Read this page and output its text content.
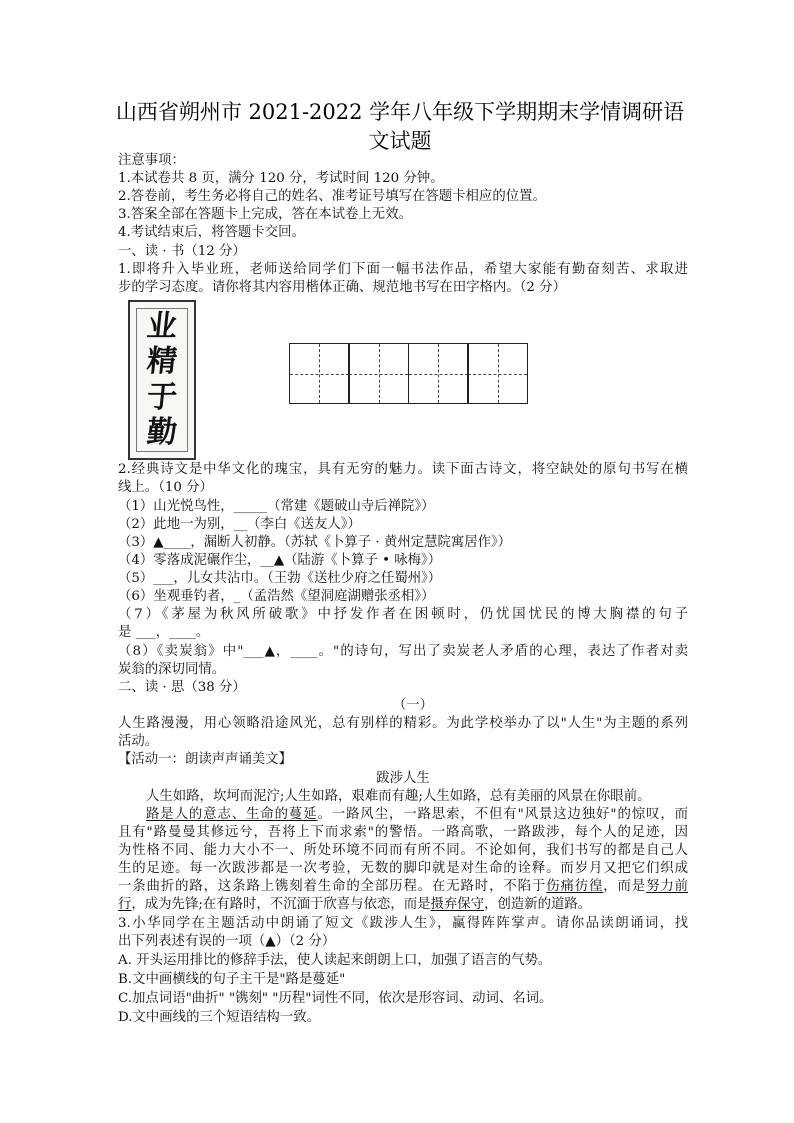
山西省朔州市 2021-2022 学年八年级下学期期末学情调研语
文试题
注意事项：
1.本试卷共 8 页，满分 120 分，考试时间 120 分钟。
2.答卷前，考生务必将自己的姓名、准考证号填写在答题卡相应的位置。
3.答案全部在答题卡上完成，答在本试卷上无效。
4.考试结束后，将答题卡交回。
一、读 · 书（12 分）
1.即将升入毕业班，老师送给同学们下面一幅书法作品，希望大家能有勤奋刻苦、求取进
步的学习态度。请你将其内容用楷体正确、规范地书写在田字格内。（2 分）
业
精
于
勤
2.经典诗文是中华文化的瑰宝，具有无穷的魅力。读下面古诗文，将空缺处的原句书写在横
线上。（10 分）
（1）山光悦鸟性，_____（常建《题破山寺后禅院》）
（2）此地一为别，__（李白《送友人》）
（3）▲____，漏断人初静。（苏轼《卜算子 · 黄州定慧院寓居作》）
（4）零落成泥碾作尘，__▲（陆游《卜算子 • 咏梅》）
（5）___，儿女共沾巾。（王勃《送杜少府之任蜀州》）
（6）坐观垂钓者，_（孟浩然《望洞庭湖赠张丞相》）
（7）《茅屋为秋风所破歌》中抒发作者在困顿时，仍忧国忧民的博大胸襟的句子
是 ___，____。
（8）《卖炭翁》中"___▲，____。"的诗句，写出了卖炭老人矛盾的心理，表达了作者对卖
炭翁的深切同情。
二、读 · 思（38 分）
（一）
人生路漫漫，用心领略沿途风光，总有别样的精彩。为此学校举办了以"人生"为主题的系列
活动。
【活动一：朗读声声诵美文】
跋涉人生
人生如路，坎坷而泥泞;人生如路，艰难而有趣;人生如路，总有美丽的风景在你眼前。
路是人的意志、生命的蔓延。一路风尘，一路思索，不但有"风景这边独好"的惊叹，而
且有"路曼曼其修远兮，吾将上下而求索"的警悟。一路高歌，一路跋涉，每个人的足迹，因
为性格不同、能力大小不一、所处环境不同而有所不同。不论如何，我们书写的都是自己人
生的足迹。每一次跋涉都是一次考验，无数的脚印就是对生命的诠释。而岁月又把它们织成
一条曲折的路，这条路上镌刻着生命的全部历程。在无路时，不陷于伤痛彷徨，而是努力前
行，成为先锋;在有路时，不沉湎于欣喜与依恋，而是摄弃保守，创造新的道路。
3.小华同学在主题活动中朗诵了短文《跋涉人生》，赢得阵阵掌声。请你品读朗诵词，找
出下列表述有误的一项（▲）（2 分）
A. 开头运用排比的修辞手法，使人读起来朗朗上口，加强了语言的气势。
B.文中画横线的句子主干是"路是蔓延"
C.加点词语"曲折" "镌刻" "历程"词性不同，依次是形容词、动词、名词。
D.文中画线的三个短语结构一致。
